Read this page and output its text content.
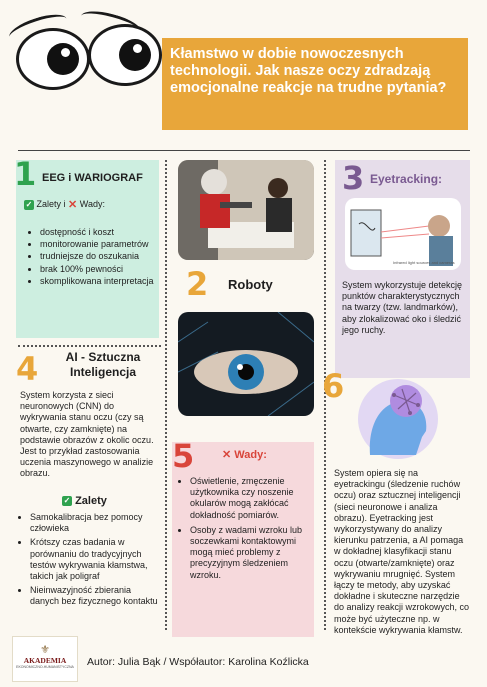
Kłamstwo w dobie nowoczesnych technologii. Jak nasze oczy zdradzają emocjonalne reakcje na trudne pytania?
1 EEG i WARIOGRAF
✓ Zalety i ✕ Wady:
• dostępność i koszt
• monitorowanie parametrów
• trudniejsze do oszukania
• brak 100% pewności
• skomplikowana interpretacja 2 Roboty
3 Eyetracking:
Infrared light sources and cameras
System wykorzystuje detekcję punktów charakterystycznych na twarzy (tzw. landmarków), aby zlokalizować oko i śledzić jego ruchy.
4	AI - Sztuczna Inteligencja
System korzysta z sieci neuronowych (CNN) do wykrywania stanu oczu (czy są otwarte, czy zamknięte) na podstawie obrazów z okolic oczu. Jest to przykład zastosowania uczenia maszynowego w analizie obrazu.
✓ Zalety
• Samokalibracja bez pomocy człowieka
• Krótszy czas badania w porównaniu do tradycyjnych testów wykrywania kłamstwa, takich jak poligraf
• Nieinwazyjność zbierania danych bez fizycznego kontaktu
5	✕ Wady:
• Oświetlenie, zmęczenie użytkownika czy noszenie okularów mogą zakłócać dokładność pomiarów.
• Osoby z wadami wzroku lub soczewkami kontaktowymi mogą mieć problemy z precyzyjnym śledzeniem wzroku.
6
System opiera się na eyetrackingu (śledzenie ruchów oczu) oraz sztucznej inteligencji (sieci neuronowe i analiza obrazu). Eyetracking jest wykorzystywany do analizy kierunku patrzenia, a AI pomaga w dokładnej klasyfikacji stanu oczu (otwarte/zamknięte) oraz wykrywaniu mrugnięć. System łączy te metody, aby uzyskać dokładne i skuteczne narzędzie do analizy reakcji wzrokowych, co może być użyteczne np. w kontekście wykrywania kłamstw.
⚜
AKADEMIA
EKONOMICZNO-HUMANISTYCZNA Autor: Julia Bąk / Współautor: Karolina Koźlicka
